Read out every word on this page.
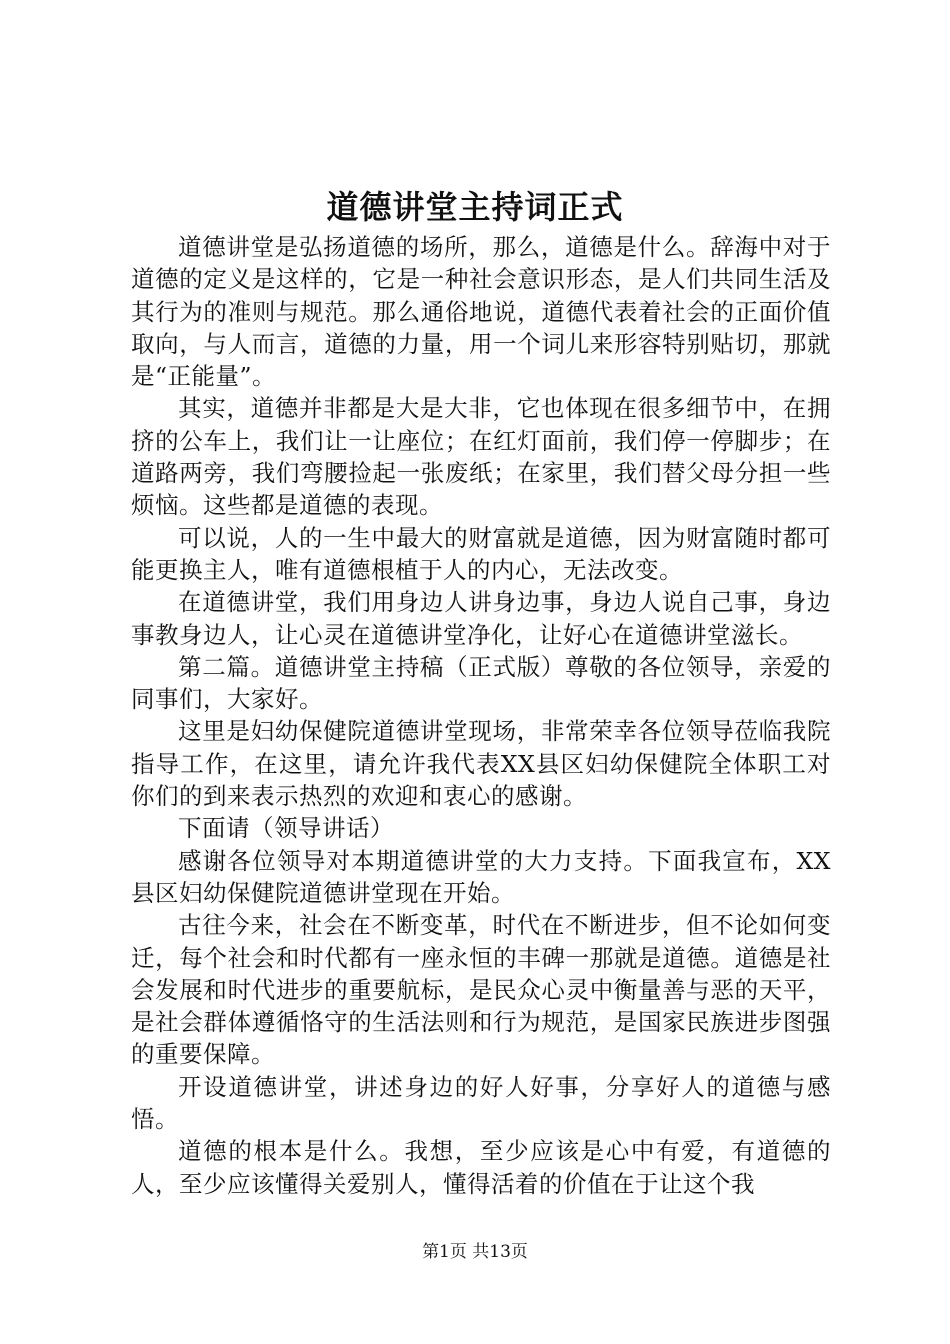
道德讲堂主持词正式

道德讲堂是弘扬道德的场所，那么，道德是什么。辞海中对于道德的定义是这样的，它是一种社会意识形态，是人们共同生活及其行为的准则与规范。那么通俗地说，道德代表着社会的正面价值取向，与人而言，道德的力量，用一个词儿来形容特别贴切，那就是“正能量”。

其实，道德并非都是大是大非，它也体现在很多细节中，在拥挤的公车上，我们让一让座位；在红灯面前，我们停一停脚步；在道路两旁，我们弯腰捡起一张废纸；在家里，我们替父母分担一些烦恼。这些都是道德的表现。

可以说，人的一生中最大的财富就是道德，因为财富随时都可能更换主人，唯有道德根植于人的内心，无法改变。

在道德讲堂，我们用身边人讲身边事，身边人说自己事，身边事教身边人，让心灵在道德讲堂净化，让好心在道德讲堂滋长。

第二篇。道德讲堂主持稿（正式版）尊敬的各位领导，亲爱的同事们，大家好。

这里是妇幼保健院道德讲堂现场，非常荣幸各位领导莅临我院指导工作，在这里，请允许我代表XX县区妇幼保健院全体职工对你们的到来表示热烈的欢迎和衷心的感谢。

下面请（领导讲话）

感谢各位领导对本期道德讲堂的大力支持。下面我宣布，XX县区妇幼保健院道德讲堂现在开始。

古往今来，社会在不断变革，时代在不断进步，但不论如何变迁，每个社会和时代都有一座永恒的丰碑一那就是道德。道德是社会发展和时代进步的重要航标，是民众心灵中衡量善与恶的天平，是社会群体遵循恪守的生活法则和行为规范，是国家民族进步图强的重要保障。

开设道德讲堂，讲述身边的好人好事，分享好人的道德与感悟。

道德的根本是什么。我想，至少应该是心中有爱，有道德的人，至少应该懂得关爱别人，懂得活着的价值在于让这个我

第1页 共13页
